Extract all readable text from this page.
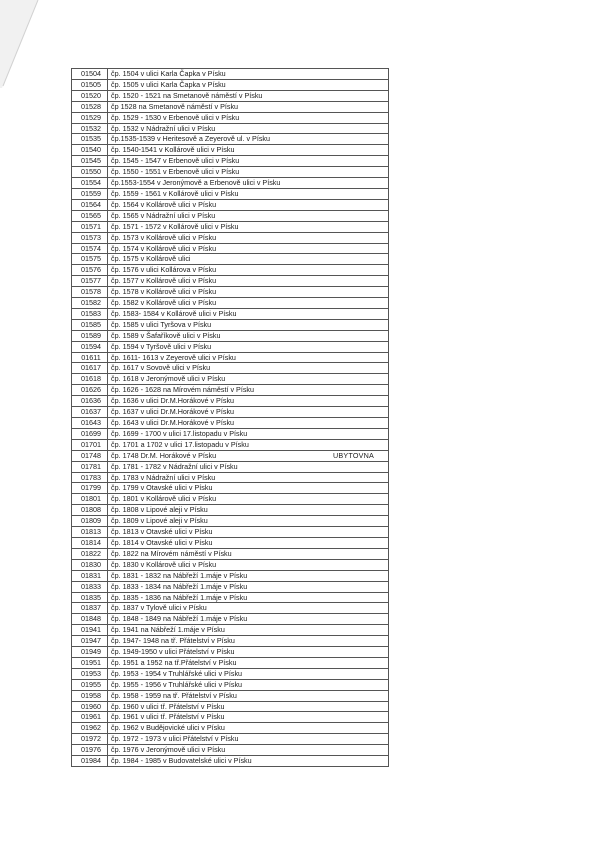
01504	čp. 1504 v ulici Karla Čapka v Písku
01505	čp. 1505 v ulici Karla Čapka v Písku
01520	čp. 1520 - 1521 na Smetanově náměstí v Písku
01528	čp 1528 na Smetanově náměstí v Písku
01529	čp. 1529 - 1530 v Erbenově ulici v Písku
01532	čp. 1532 v Nádražní ulici v Písku
01535	čp.1535-1539 v Heritesově a Zeyerově ul. v Písku
01540	čp. 1540-1541 v Kollárově ulici v Písku
01545	čp. 1545 - 1547 v Erbenově ulici v Písku
01550	čp. 1550 - 1551 v Erbenově ulici v Písku
01554	čp.1553-1554 v Jeronýmově a Erbenově ulici v Písku
01559	čp. 1559 - 1561 v Kollárově ulici v Písku
01564	čp. 1564 v Kollárově ulici v Písku
01565	čp. 1565 v Nádražní ulici v Písku
01571	čp. 1571 - 1572 v Kollárově ulici v Písku
01573	čp. 1573 v Kollárově ulici v Písku
01574	čp. 1574 v Kollárově ulici v Písku
01575	čp. 1575 v Kollárově ulici
01576	čp. 1576 v ulici Kollárova v Písku
01577	čp. 1577 v Kollárově ulici v Písku
01578	čp. 1578 v Kollárově ulici v Písku
01582	čp. 1582 v Kollárově ulici v Písku
01583	čp. 1583- 1584 v Kollárově ulici v Písku
01585	čp. 1585 v ulici Tyršova v Písku
01589	čp. 1589 v Šafaříkově ulici v Písku
01594	čp. 1594 v Tyršově ulici v Písku
01611	čp. 1611- 1613 v Zeyerově ulici v Písku
01617	čp. 1617 v Sovově ulici v Písku
01618	čp. 1618 v Jeronýmově ulici v Písku
01626	čp. 1626 - 1628 na Mírovém náměstí v Písku
01636	čp. 1636 v ulici Dr.M.Horákové v Písku
01637	čp. 1637 v ulici Dr.M.Horákové v Písku
01643	čp. 1643 v ulici Dr.M.Horákové v Písku
01699	čp. 1699 - 1700 v ulici 17.listopadu v Písku
01701	čp. 1701 a 1702 v ulici 17.listopadu v Písku
01748	čp. 1748 Dr.M. Horákové v Písku UBYTOVNA

01781	čp. 1781 - 1782 v Nádražní ulici v Písku
01783	čp. 1783 v Nádražní ulici v Písku
01799	čp. 1799 v Otavské ulici v Písku
01801	čp. 1801 v Kollárově ulici v Písku
01808	čp. 1808 v Lipové aleji v Písku
01809	čp. 1809 v Lipové aleji v Písku
01813	čp. 1813 v Otavské ulici v Písku
01814	čp. 1814 v Otavské ulici v Písku
01822	čp. 1822 na Mírovém náměstí v Písku
01830	čp. 1830 v Kollárově ulici v Písku
01831	čp. 1831 - 1832 na Nábřeží 1.máje v Písku
01833	čp. 1833 - 1834 na Nábřeží 1.máje v Písku
01835	čp. 1835 - 1836 na Nábřeží 1.máje v Písku
01837	čp. 1837 v Tylově ulici v Písku
01848	čp. 1848 - 1849 na Nábřeží 1.máje v Písku
01941	čp. 1941 na Nábřeží 1.máje v Písku
01947	čp. 1947- 1948 na tř. Přátelství v Písku
01949	čp. 1949-1950 v ulici Přátelství v Písku
01951	čp. 1951 a 1952 na tř.Přátelství v Písku
01953	čp. 1953 - 1954 v Truhlářské ulici v Písku
01955	čp. 1955 - 1956 v Truhlářské ulici v Písku
01958	čp. 1958 - 1959 na tř. Přátelství v Písku
01960	čp. 1960 v ulici tř. Přátelství v Písku
01961	čp. 1961 v ulici tř. Přátelství v Písku
01962	čp. 1962 v Budějovické ulici v Písku
01972	čp. 1972 - 1973 v ulici Přátelství v Písku
01976	čp. 1976 v Jeronýmově ulici v Písku
01984	čp. 1984 - 1985 v Budovatelské ulici v Písku
